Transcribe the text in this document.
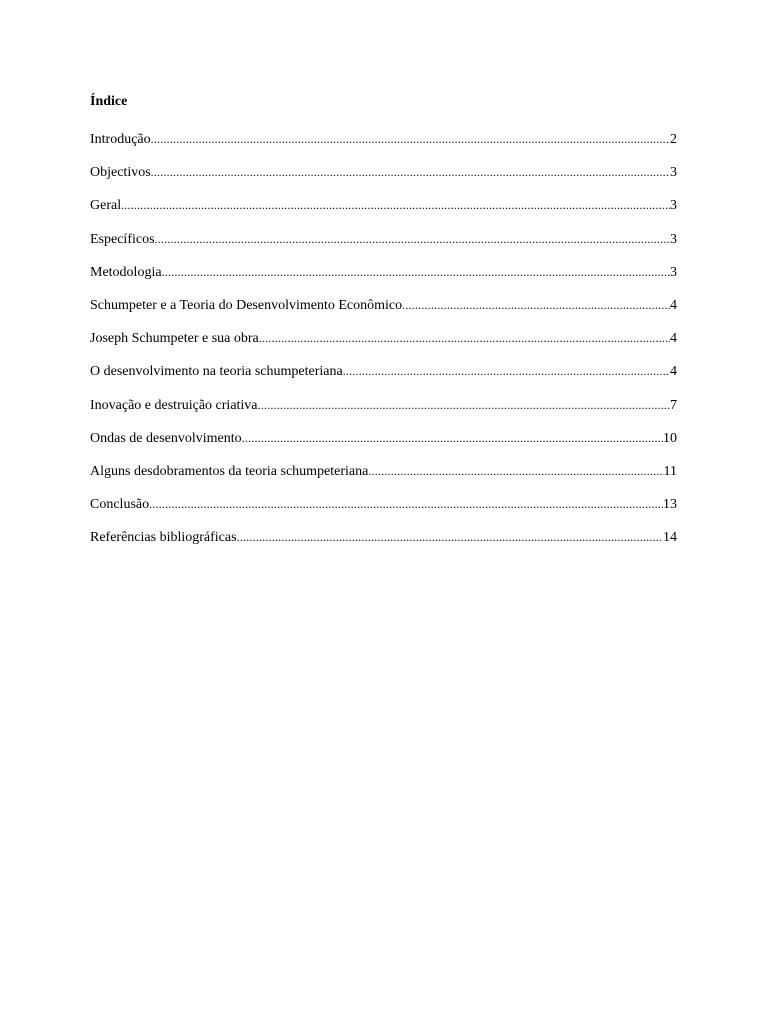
Índice
Introdução .....	2
Objectivos .....	3
Geral .....	3
Específicos .....	3
Metodologia .....	3
Schumpeter e a Teoria do Desenvolvimento Econômico .....	4
Joseph Schumpeter e sua obra .....	4
O desenvolvimento na teoria schumpeteriana .....	4
Inovação e destruição criativa .....	7
Ondas de desenvolvimento .....	10
Alguns desdobramentos da teoria schumpeteriana .....	11
Conclusão .....	13
Referências bibliográficas .....	14
